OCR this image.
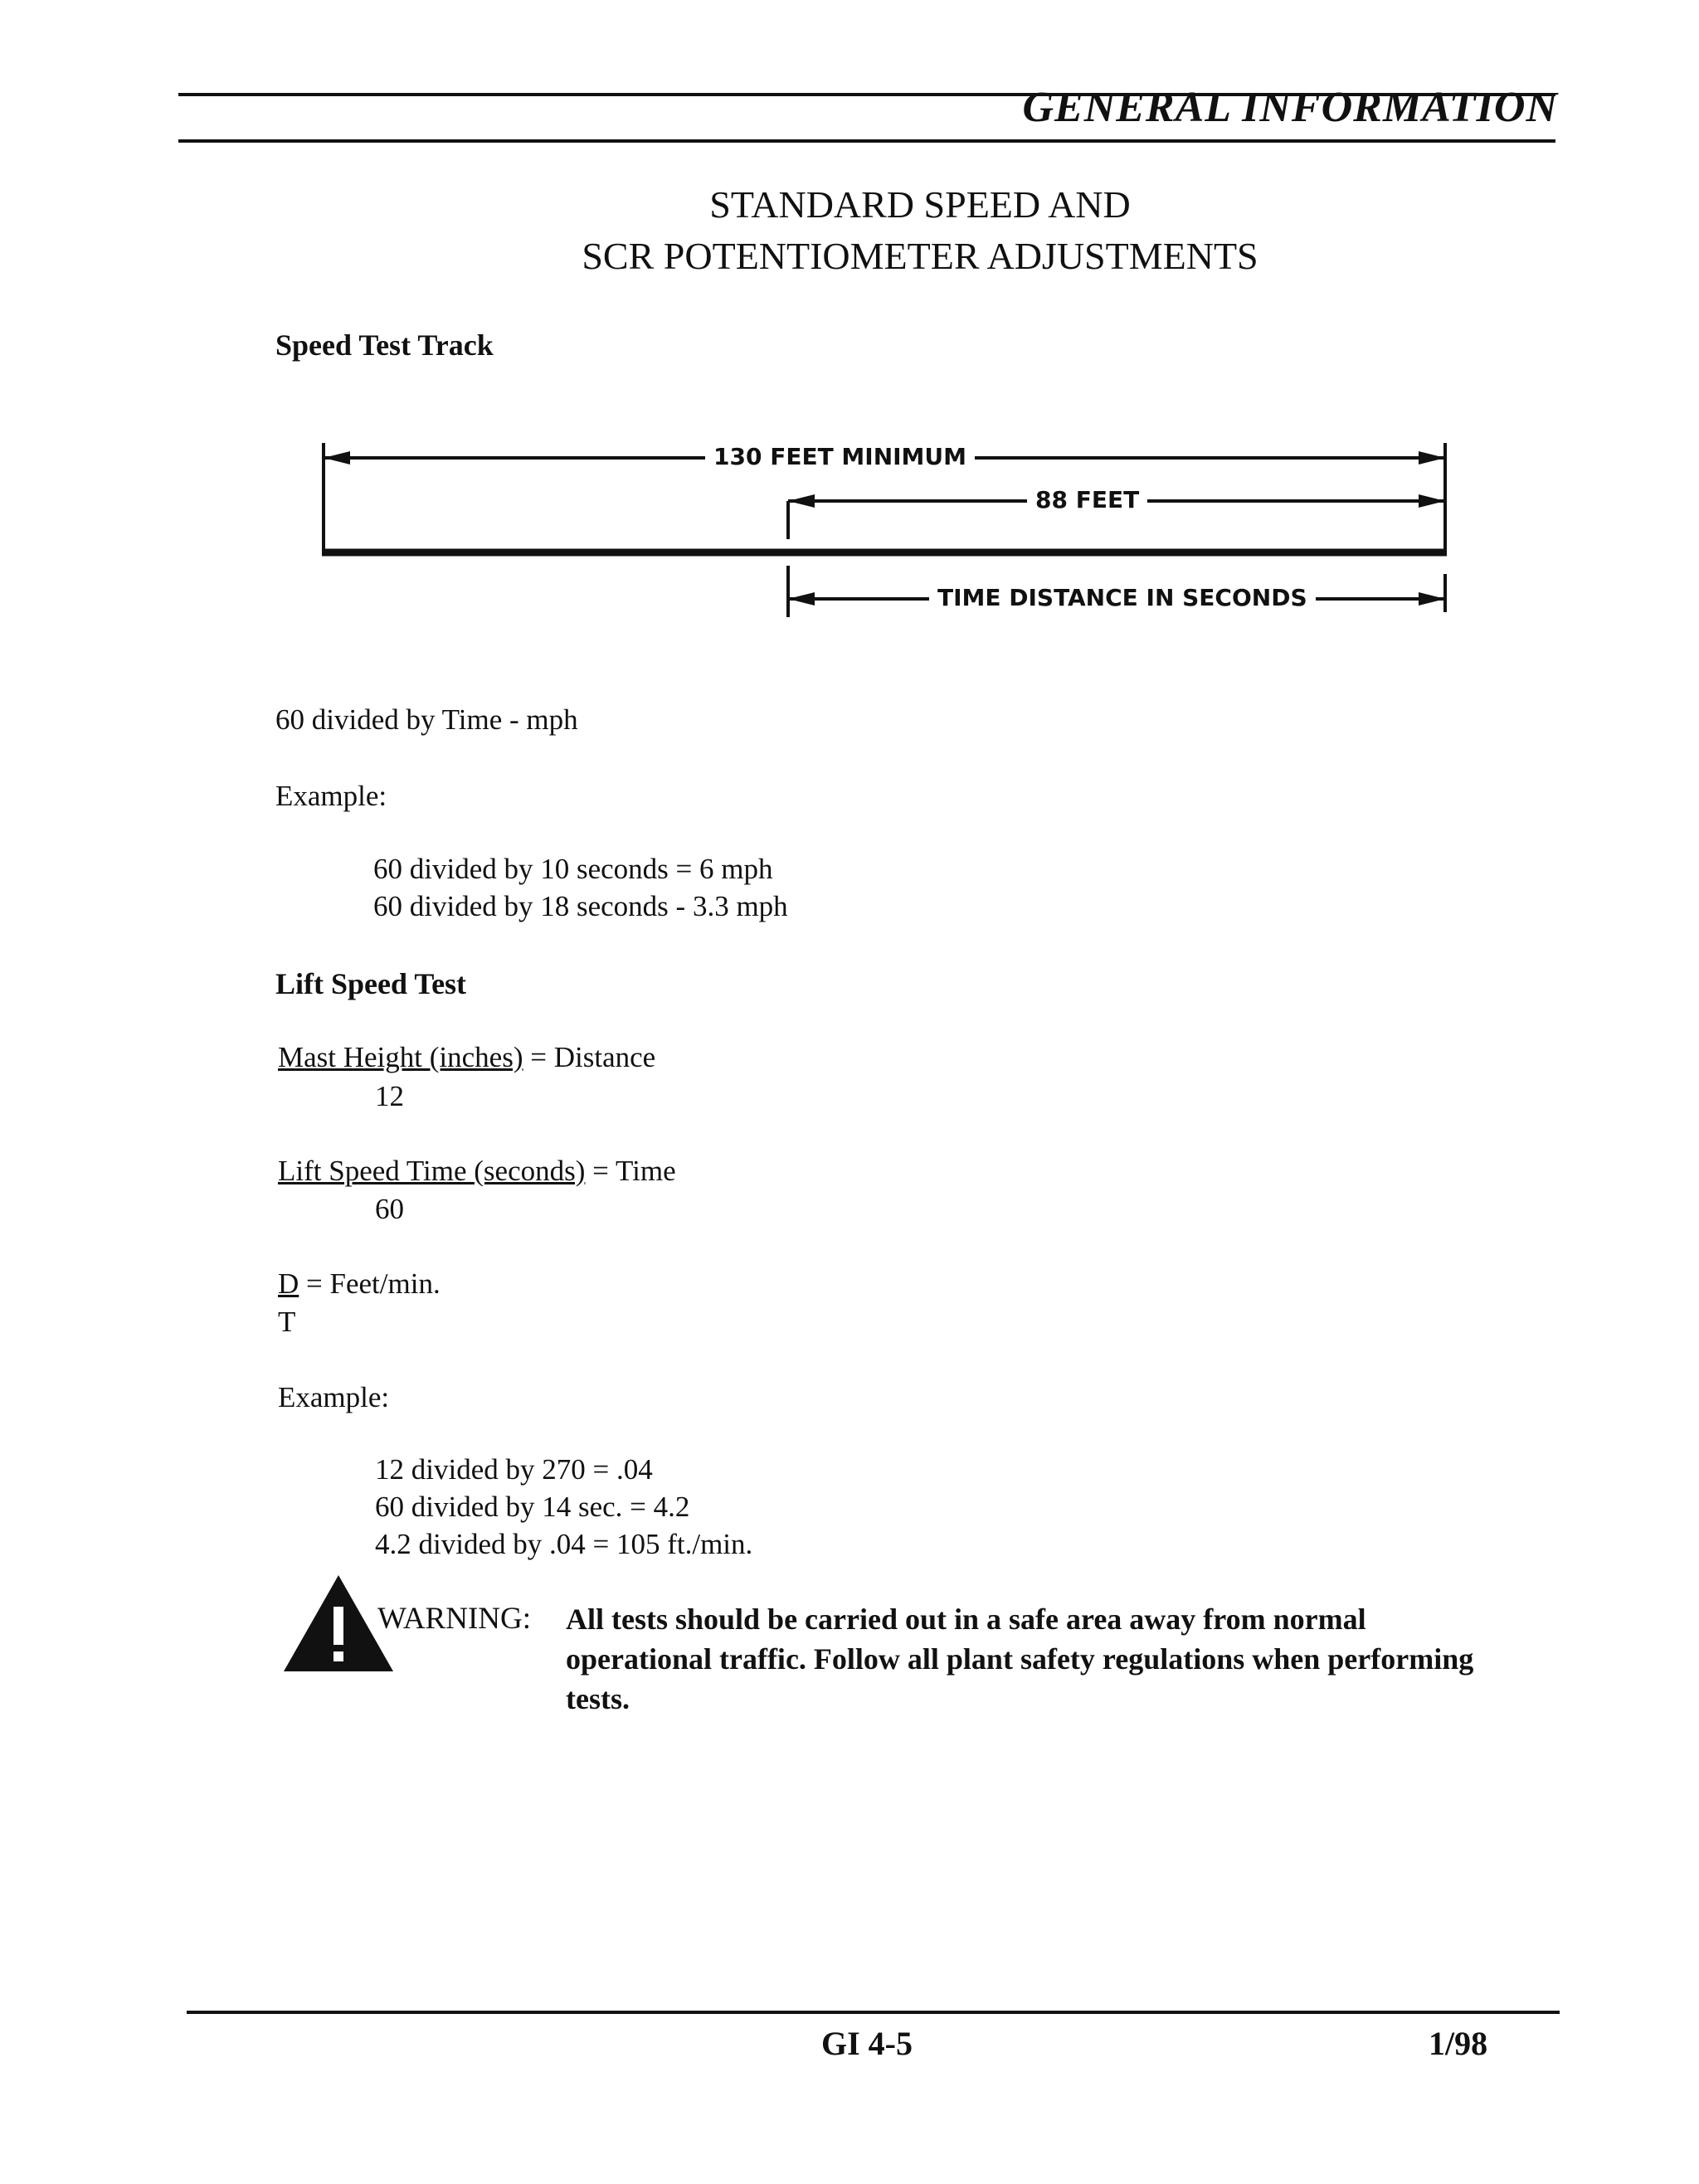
GENERAL INFORMATION
STANDARD SPEED AND
SCR POTENTIOMETER ADJUSTMENTS
Speed Test Track
130 FEET MINIMUM
88 FEET
TIME DISTANCE IN SECONDS
60 divided by Time - mph
Example:
60 divided by 10 seconds = 6 mph
60 divided by 18 seconds - 3.3 mph
Lift Speed Test
Mast Height (inches) = Distance
12
Lift Speed Time (seconds) = Time
60
D = Feet/min.
T
Example:
12 divided by 270 = .04
60 divided by 14 sec. = 4.2
4.2 divided by .04 = 105 ft./min.
WARNING: All tests should be carried out in a safe area away from normal
operational traffic. Follow all plant safety regulations when performing
tests.
GI 4-5	1/98
